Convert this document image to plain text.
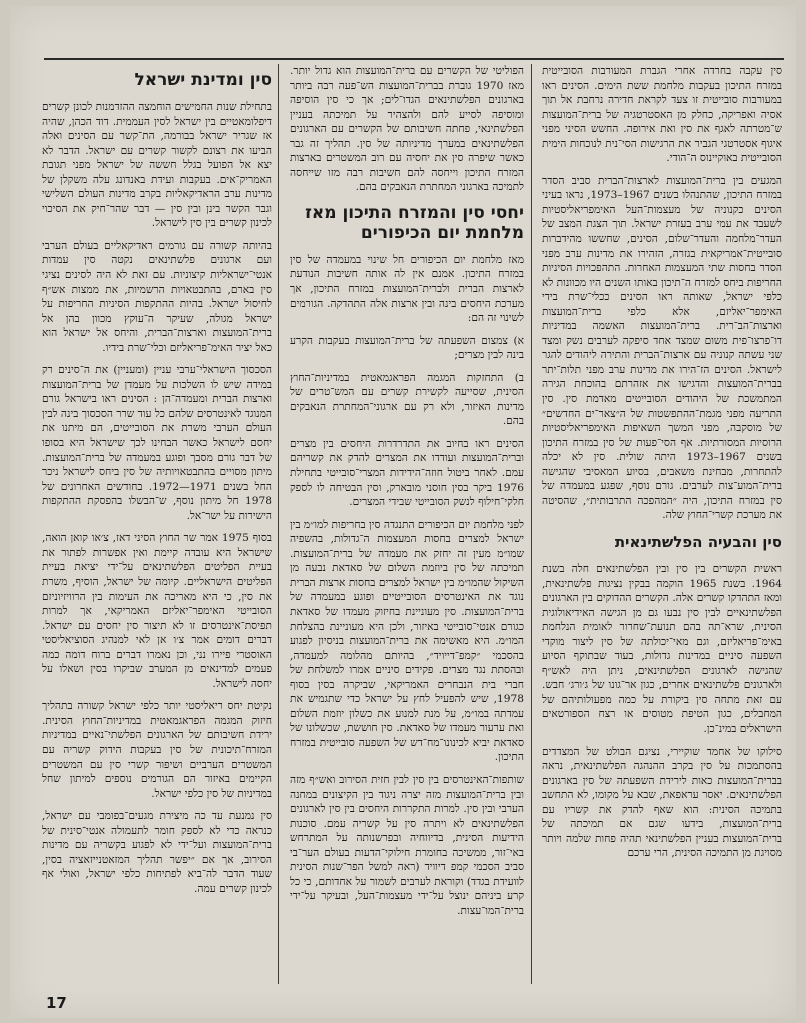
סין עקבה בחרדה אחרי הגברת המעורבות הסובייטית במזרח התיכון בעקבות מלחמת ששת הימים. הסינים ראו במעורבות סובייטית זו צעד לקראת חדירה נרחבת אל תוך אסיה ואפריקה, כחלק מן האסטרטגיה של ברית־המועצות ש־מטרתה לאגף את סין ואת אירופה. החשש הסיני מפני איגוף אסטרטגי הגביר את הרגישות הסי־נית לנוכחות הימית הסובייטית באוקיינוס ה־הודי.

המגעים בין ברית־המועצות לארצות־הברית סביב הסדר במזרח התיכון, שהתנהלו בשנים 1967–1973, נראו בעיני הסינים כקנוניה של מעצמות־העל האימפריאליסטיות לשעבד את עמי ערב בעזרת ישראל. תוך הצגת המצב של העדר־מלחמה והעדר־שלום, הסינים, שחששו מהידברות סובייטית־אמריקאית בגזרה, הזהירו את מדינות ערב מפני הסדר בחסות שתי המעצמות האחרות. התהפכויות הסיניות החריפות ביחס למזרח ה־תיכון באותו השנים היו מכוונות לא כלפי ישראל, שאותה ראו הסינים ככלי־שרת בידי האימפר־יאליזם, אלא כלפי ברית־המועצות וארצות־הב־רית. ברית־המועצות האשמה במדיניות דו־פרצו־פית משום שמצד אחד סיפקה לערבים נשק ומצד שני עשתה קנוניה עם ארצות־הברית והתירה ליהודים להגר לישראל. הסינים הז־הירו את מדינות ערב מפני תלות־יתר בברית־המועצות והדגישו את אזהרתם בהוכחת הגירה המתמשכת של היהודים הסובייטים מאדמת סין. סין התריעה מפני מגמת־ההתפשטות של ה״צאר־ים החדשים״ של מוסקבה, מפני המשך השאיפות האימפריאליסטיות הרוסיות המסורתיות. אף הסי־פעות של סין במזרח התיכון בשנים 1967–1973 היתה שולית. סין לא יכלה להתחרות, מבחינת משאבים, בסיוע המאסיבי שהגישה ברית־המוע־צות לערבים. גורם נוסף, שפגע במעמדה של סין במזרח התיכון, היה ״המהפכה התרבותית״, שהסיטה את מערכת קשרי־החוץ שלה.

סין והבעיה הפלשתינאית

ראשית הקשרים בין סין ובין הפלשתינאים חלה בשנת 1964. בשנת 1965 הוקמה בבקין נציגות פלשתינאית, ומאז התהדקו קשרים אלה. הקשרים ההדוקים בין הארגונים הפלשתינאיים לבין סין נבעו גם מן הגישה האידיאולוגית הסינית, שרא־תה בהם תנועת־שחרור לאומית הנלחמת באימ־פריאליזם, וגם מאי־יכולתה של סין ליצור מוקדי השפעה סיניים במדינות גדולות, בעוד שבתוקף הסיוע שהגישה לארגונים הפלשתינאים, ניתן היה לאש״ף ולארגונים פלשתינאים אחרים, כגון אר־גונו של ג׳ורג׳ חבש. עם זאת מתחה סין ביקורת על כמה מפעולותיהם של המחבלים, כגון הטיפת מטוסים או רצח הספורטאים הישראלים במינ־כן.

סילוקו של אחמד שוקיירי, נציגם הבולט של המצדדים בהסתמכות על סין בקרב ההנהגה הפלשתינאית, נראה בברית־המועצות כאות לירידת השפעתה של סין בארגונים הפלשתינאים. יאסר עראפאת, שבא על מקומו, לא התחשב בתמיכה הסינית: הוא שאף להדק את קשריו עם ברית־המועצות, בידעו שגם אם תמיכתה של ברית־המועצות בעניין הפלשתינאי תהיה פחות שלמה ויותר מסויגת מן התמיכה הסינית, הרי ערכם

הפוליטי של הקשרים עם ברית־המועצות הוא גדול יותר. מאז 1970 גוברת בברית־המועצות הש־פעה רבה ביותר בארגונים הפלשתינאים הגדו־לים; אך כי סין הוסיפה ומוסיפה לסייע להם ולהצהיר על תמיכתה בעניין הפלשתינאי, פחתה חשיבותם של הקשרים עם הארגונים הפלשתינאים במערך מדיניותה של סין. תהליך זה גבר כאשר שיפרה סין את יחסיה עם רוב המשטרים בארצות המזרח התיכון וייחסה להם חשיבות רבה מזו שייחסה לתמיכה בארגוני המחתרת הנאבקים בהם.

יחסי סין והמזרח התיכון מאז מלחמת יום הכיפורים

מאז מלחמת יום הכיפורים חל שינוי במעמדה של סין במזרח התיכון. אמנם אין לה אותה חשיבות הנודעת לארצות הברית ולברית־המועצות במזרח התיכון, אך מערכת היחסים בינה ובין ארצות אלה התהדקה. הגורמים לשינוי זה הם:

א) צמצום השפעתה של ברית־המועצות בעקבות הקרע בינה לבין מצרים;

ב) התחזקות המגמה הפראגמאטית במדיניות־החוץ הסינית, שסייעה לקשירת קשרים עם המש־טרים של מדינות האיזור, ולא רק עם ארגוני־המחתרת הנאבקים בהם.

הסינים ראו בחיוב את התדרדרות היחסים בין מצרים וברית־המועצות ועודדו את המצרים להדק את קשריהם עמם. לאחר ביטול חוזה־הידידות המצרי־סובייטי בתחילת 1976 ביקר בסין חוסני מובארק, וסין הבטיחה לו לספק חלקי־חילוף לנשק הסובייטי שבידי המצרים.

לפני מלחמת יום הכיפורים התנגדה סין בחריפות למו״מ בין ישראל למצרים בחסות המעצמות ה־גדולות, בהשפיה שמו״מ מעין זה יחזק את מעמדה של ברית־המועצות. תמיכתה של סין ביוזמת השלום של סאדאת נבעה מן השיקול שהמו״מ בין ישראל למצרים בחסות ארצות הברית נוגד את האינטרסים הסובייטיים ופוגע במעמדה של ברית־המועצות. סין מעוניינת בחיזוק מעמדו של סאדאת כגורם אנטי־סובייטי באיזור, ולכן היא מעוניינת בהצלחת המו״מ. היא מאשימה את ברית־המועצות בניסיון לפגוע בהסכמי ״קמפ־דייויד״, בהיותם מהלומה למעמדה, ובהסתת נגד מצרים. פקידים סיניים אמרו למשלחת של חברי בית הנבחרים האמריקאי, שביקרה בסין בסוף 1978, שיש להפעיל לחץ על ישראל כדי שתגמיש את עמדתה במו״מ, על מנת למנוע את כשלון יוזמת השלום ואת ערעור מעמדו של סאדאת. סין חוששת, שכשלונו של סאדאת יביא לכינונו־מח־דש של השפעה סובייטית במזרח התיכון.

שותפות־האינטרסים בין סין לבין חזית הסירוב ואש״ף מזה ובין ברית־המועצות מזה יצרה ניגוד בין הקיצונים במחנה הערבי ובין סין. למרות התקררות היחסים בין סין לארגונים הפלשתינאים לא ויתרה סין על קשריה עמם. סוכנות הידיעות הסינית, בדיווחיה ובפרשנותה על המתרחש באי־זור, ממשיכה בחומרת חילוקי־הדעות בעולם הער־בי סביב הסכמי קמפ דיוויד (ראה למשל הפר־שנות הסינית לוועידת בגדד) וקוראת לערבים לשמור על אחדותם, כי כל קרע ביניהם ינוצל על־ידי מעצמות־העל, ובעיקר על־ידי ברית־המו־עצות.

סין ומדינת ישראל

בתחילת שנות החמישים הוחמצה ההזדמנות לכונן קשרים דיפלומאטיים בין ישראל לסין העממית. דוד הכהן, שהיה אז שגריר ישראל בבורמה, הת־קשר עם הסינים ואלה הביעו את רצונם לקשור קשרים עם ישראל. הדבר לא יצא אל הפועל בגלל חששה של ישראל מפני תגובת האמריק־אים. בעקבות ועידת באנדונג עלה משקלן של מדינות ערב הראדיקאליות בקרב מדינות העולם השלישי וגבר הקשר בינן ובין סין — דבר שהר־חיק את הסיכוי לכינון קשרים בין סין לישראל.

בהיותה קשורה עם גורמים ראדיקאליים בעולם הערבי ועם ארגונים פלשתינאים נקטה סין עמדות אנטי־ישראליות קיצוניות. עם זאת לא היה לסינים נציגי סין בארם, בהתבטאויות הרשמיות, את ממצות אש״ף לחיסול ישראל. בהיות ההתקפות הסיניות החריפות על ישראל מגולה, שעיקר ה־עוקץ מכוון בהן אל ברית־המועצות וארצות־הברית, והיחס אל ישראל הוא כאל יציר האימ־פריאליזם וכלי־שרת בידיו.

הסכסוך הישראלי־ערבי עניין (ומעניין) את ה־סינים רק במידה שיש לו השלכות על מעמדן של ברית־המועצות וארצות הברית ומעמדה־הן : הסינים ראו בישראל גורם המנוגד לאינטרסים שלהם כל עוד שרר הסכסוך בינה לבין העולם הערבי משרת את הסובייטים, הם מיתנו את יחסם לישראל כאשר הבחינו לכך שישראל היא בסופו של דבר גורם מסבך ופוגע במעמדה של ברית־המועצות. מיתון מסויים בהתבטאויותיה של סין ביחס לישראל ניכר החל בשנים 1971—1972. בחודשים האחרונים של 1978 חל מיתון נוסף, ש־הבשלו בהפסקת ההתקפות הישירות על ישר־אל.

בסוף 1975 אמר שר החוץ הסיני דאז, צ׳או קואן הואה, שישראל היא עובדה קיימת ואין אפשרות לפתור את בעיית הפליטים הפלשתינאים על־ידי יציאת בעיית הפליטים הישראליים. קיומה של ישראל, הוסיף, משרת את סין, כי היא מאריכה את העימות בין הרוויזיוניזם הסובייטי האימפר־יאליזם האמריקאי, אך למרות תפיסת־אינטרסים זו לא תיצור סין יחסים עם ישראל. דברים דומים אמר צ׳ו אן לאי למנהיג הסוציאליסטי האוסטרי פיירו נני, וכן נאמרו דברים ברוח דומה כמה פעמים למדינאים מן המערב שביקרו בסין ושאלו על יחסה לישראל.

נקיטת יחס ריאליסטי יותר כלפי ישראל קשורה בתהליך חיזוק המגמה הפראגמאטית במדיניות־החוץ הסינית. ירידת חשיבותם של הארגונים הפלשתי־נאיים במדיניות המזרח־תיכונית של סין בעקבות הידוק קשריה עם המשטרים הערביים ושיפור קשרי סין עם המשטרים הקיימים באיזור הם הגורמים נוספים למיתון שחל במדיניות של סין כלפי ישראל.

סין נמנעת עד כה מיצירת מגעים־בפומבי עם ישראל, כנראה כדי לא לספק חומר לתעמולה אנטי־סינית של ברית־המועצות ועל־ידי לא לפגוע בקשריה עם מדינות הסירוב, אך אם ״יפשר תהליך המזאטנייזאציה בסין, שעוד הדבר לה־ביא לפתיחות כלפי ישראל, ואולי אף לכינון קשרים עמה.

17
